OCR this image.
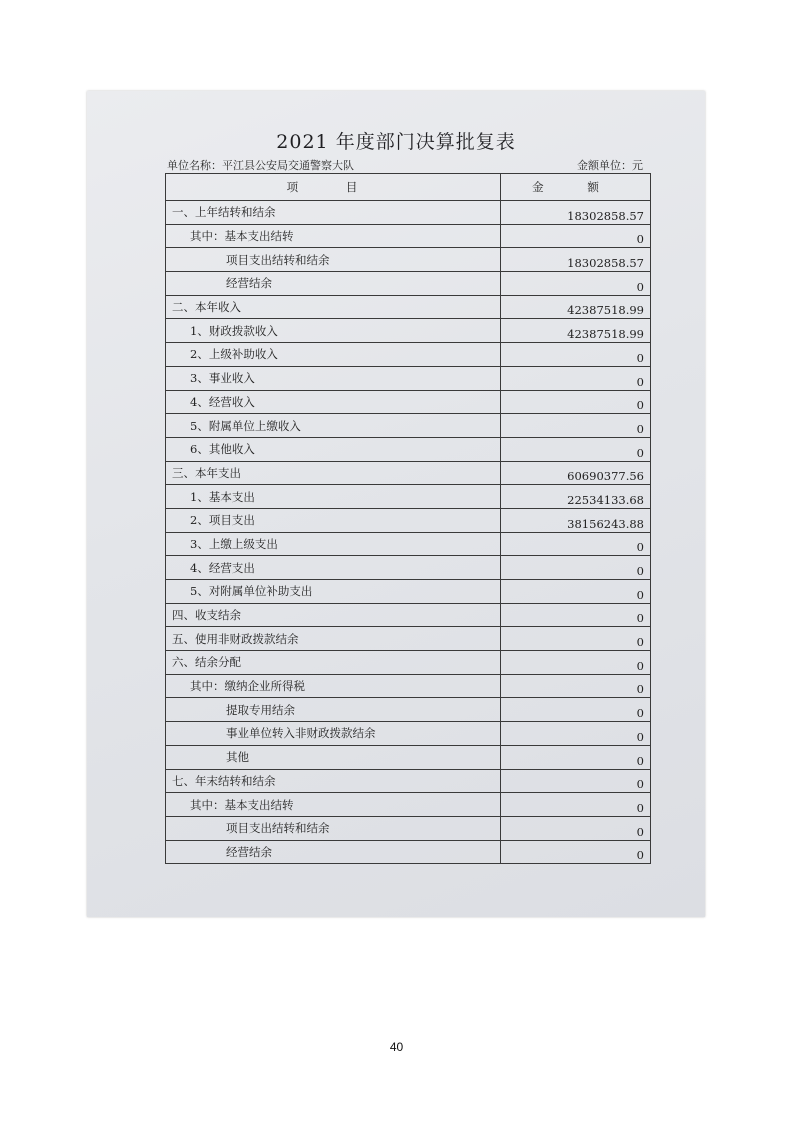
2021 年度部门决算批复表
单位名称：平江县公安局交通警察大队	金额单位：元
项 目	金 额
一、上年结转和结余	18302858.57
其中：基本支出结转	0
项目支出结转和结余	18302858.57
经营结余	0
二、本年收入	42387518.99
1、财政拨款收入	42387518.99
2、上级补助收入	0
3、事业收入	0
4、经营收入	0
5、附属单位上缴收入	0
6、其他收入	0
三、本年支出	60690377.56
1、基本支出	22534133.68
2、项目支出	38156243.88
3、上缴上级支出	0
4、经营支出	0
5、对附属单位补助支出	0
四、收支结余	0
五、使用非财政拨款结余	0
六、结余分配	0
其中：缴纳企业所得税	0
提取专用结余	0
事业单位转入非财政拨款结余	0
其他	0
七、年末结转和结余	0
其中：基本支出结转	0
项目支出结转和结余	0
经营结余	0
40
